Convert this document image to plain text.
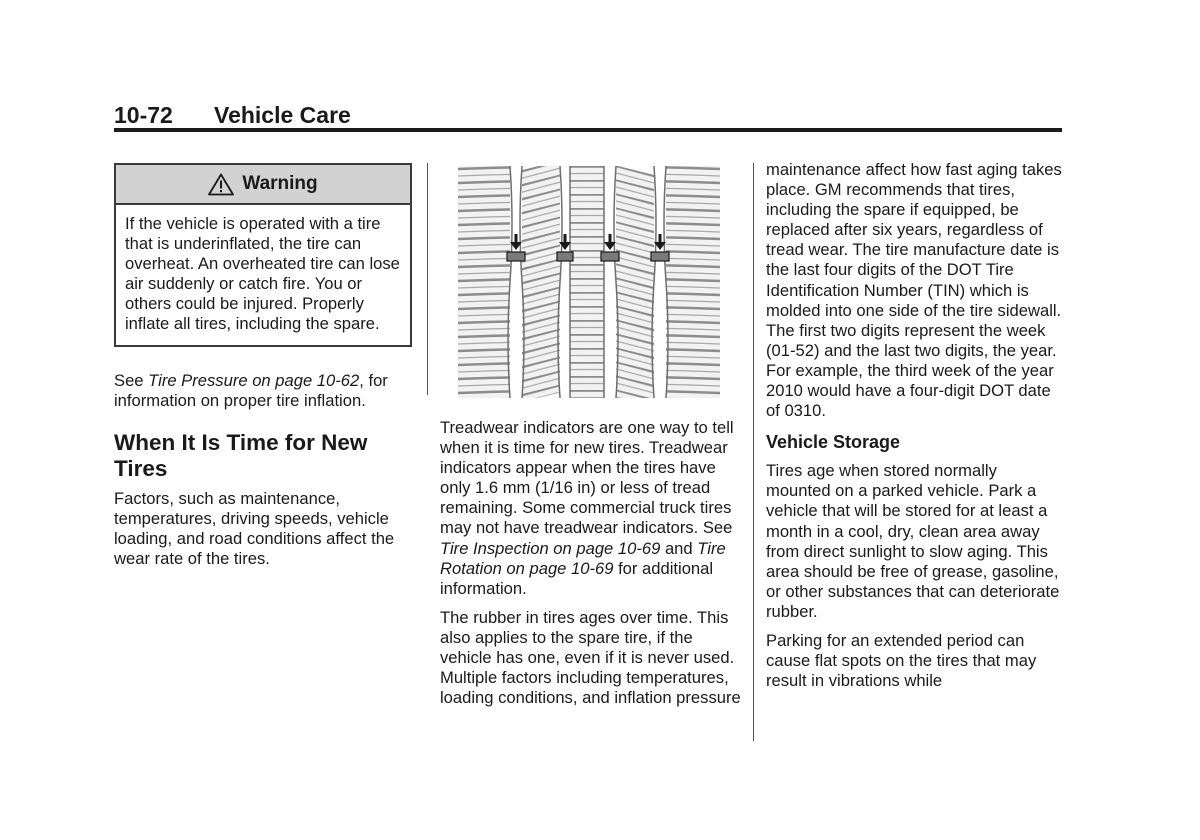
10-72 Vehicle Care
Warning

If the vehicle is operated with a tire that is underinflated, the tire can overheat. An overheated tire can lose air suddenly or catch fire. You or others could be injured. Properly inflate all tires, including the spare.

See Tire Pressure on page 10-62, for information on proper tire inflation.

When It Is Time for New Tires

Factors, such as maintenance, temperatures, driving speeds, vehicle loading, and road conditions affect the wear rate of the tires.

Treadwear indicators are one way to tell when it is time for new tires. Treadwear indicators appear when the tires have only 1.6 mm (1/16 in) or less of tread remaining. Some commercial truck tires may not have treadwear indicators. See Tire Inspection on page 10-69 and Tire Rotation on page 10-69 for additional information.

The rubber in tires ages over time. This also applies to the spare tire, if the vehicle has one, even if it is never used. Multiple factors including temperatures, loading conditions, and inflation pressure

maintenance affect how fast aging takes place. GM recommends that tires, including the spare if equipped, be replaced after six years, regardless of tread wear. The tire manufacture date is the last four digits of the DOT Tire Identification Number (TIN) which is molded into one side of the tire sidewall. The first two digits represent the week (01-52) and the last two digits, the year. For example, the third week of the year 2010 would have a four-digit DOT date of 0310.

Vehicle Storage

Tires age when stored normally mounted on a parked vehicle. Park a vehicle that will be stored for at least a month in a cool, dry, clean area away from direct sunlight to slow aging. This area should be free of grease, gasoline, or other substances that can deteriorate rubber.

Parking for an extended period can cause flat spots on the tires that may result in vibrations while
